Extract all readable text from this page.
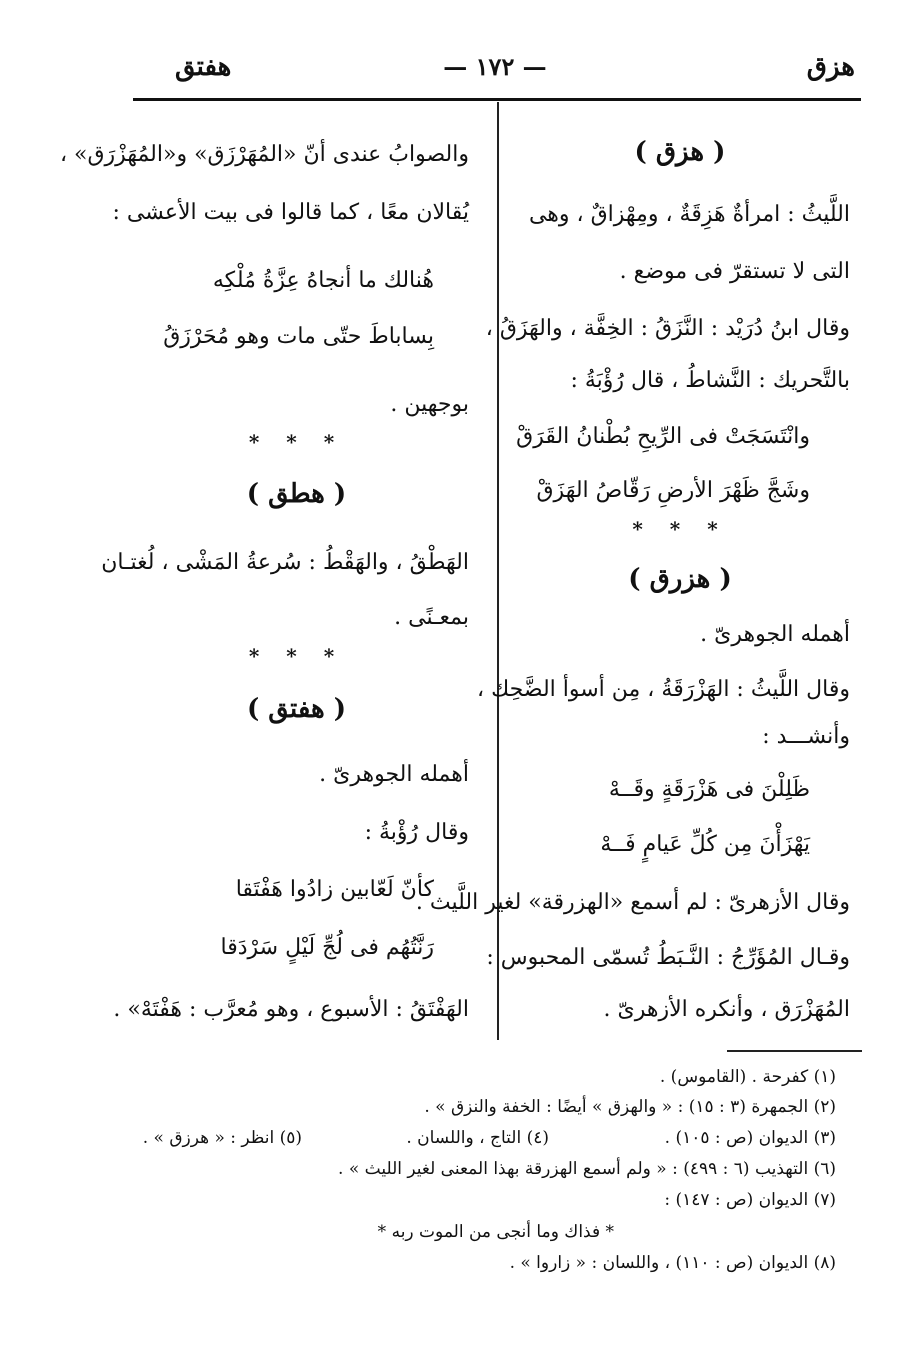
هزق
— ١٧٢ —
هفتق
( هزق )
اللَّيثُ : امرأةٌ هَزِقَةٌ ، ومِهْزاقٌ ، وهى
التى لا تستقرّ فى موضع .
وقال ابنُ دُرَيْد : النَّزَقُ : الخِفَّة ، والهَزَقُ ،
بالتَّحريك : النَّشاطُ ، قال رُؤْبَةُ :
وانْتَسَجَتْ فى الرِّيحِ بُطْنانُ القَرَقْ
وشَجَّ ظَهْرَ الأرضِ رَقّاصُ الهَزَقْ
* * *
( هزرق )
أهمله الجوهرىّ .
وقال اللَّيثُ : الهَزْرَقَةُ ، مِن أسوأ الضَّحِك ،
وأنشـــد :
ظَلِلْنَ فى هَزْرَقَةٍ وقَــهْ
يَهْزَأْنَ مِن كُلِّ عَيامٍ فَــهْ
وقال الأزهرىّ : لم أسمع «الهزرقة» لغير اللَّيث .
وقـال المُؤَرِّجُ : النَّـبَطُ تُسمّى المحبوس :
المُهَزْرَق ، وأنكره الأزهرىّ .
والصوابُ عندى أنّ «المُهَرْزَق» و«المُهَزْرَق» ،
يُقالان معًا ، كما قالوا فى بيت الأعشى :
هُنالك ما أنجاهُ عِزَّةُ مُلْكِه
بِساباطَ حتّى مات وهو مُحَرْزَقُ
بوجهين .
* * *
( هطق )
الهَطْقُ ، والهَقْطُ : سُرعةُ المَشْى ، لُغتـان
بمعـنًى .
* * *
( هفتق )
أهمله الجوهرىّ .
وقال رُؤْبةُ :
كأنّ لَعّابين زادُوا هَفْتَقا
رَنَّتُهُم فى لُجِّ لَيْلٍ سَرْدَقا
الهَفْتَقُ : الأسبوع ، وهو مُعرَّب : هَفْتَهْ» .
(١) كفرحة . (القاموس) .
(٢) الجمهرة (٣ : ١٥) : « والهزق » أيضًا : الخفة والنزق » .
(٣) الديوان (ص : ١٠٥) .
(٤) التاج ، واللسان .
(٥) انظر : « هرزق » .
(٦) التهذيب (٦ : ٤٩٩) : « ولم أسمع الهزرقة بهذا المعنى لغير الليث » .
(٧) الديوان (ص : ١٤٧) :
* فذاك وما أنجى من الموت ربه *
(٨) الديوان (ص : ١١٠) ، واللسان : « زاروا » .
